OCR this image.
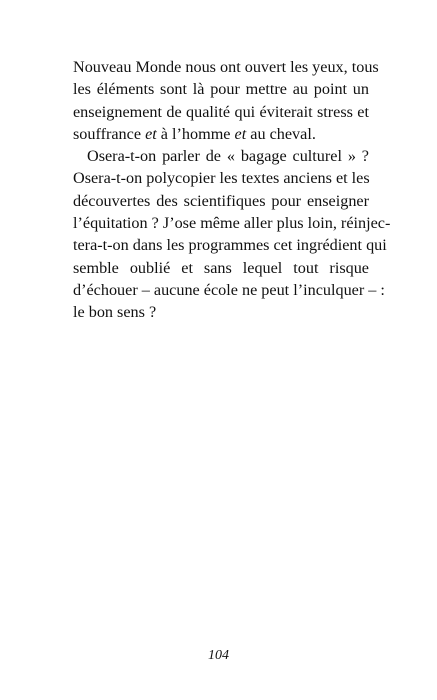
Nouveau Monde nous ont ouvert les yeux, tous
les éléments sont là pour mettre au point un
enseignement de qualité qui éviterait stress et
souffrance et à l’homme et au cheval.
Osera-t-on parler de « bagage culturel » ?
Osera-t-on polycopier les textes anciens et les
découvertes des scientifiques pour enseigner
l’équitation ? J’ose même aller plus loin, réinjec-
tera-t-on dans les programmes cet ingrédient qui
semble oublié et sans lequel tout risque
d’échouer – aucune école ne peut l’inculquer – :
le bon sens ?
104
